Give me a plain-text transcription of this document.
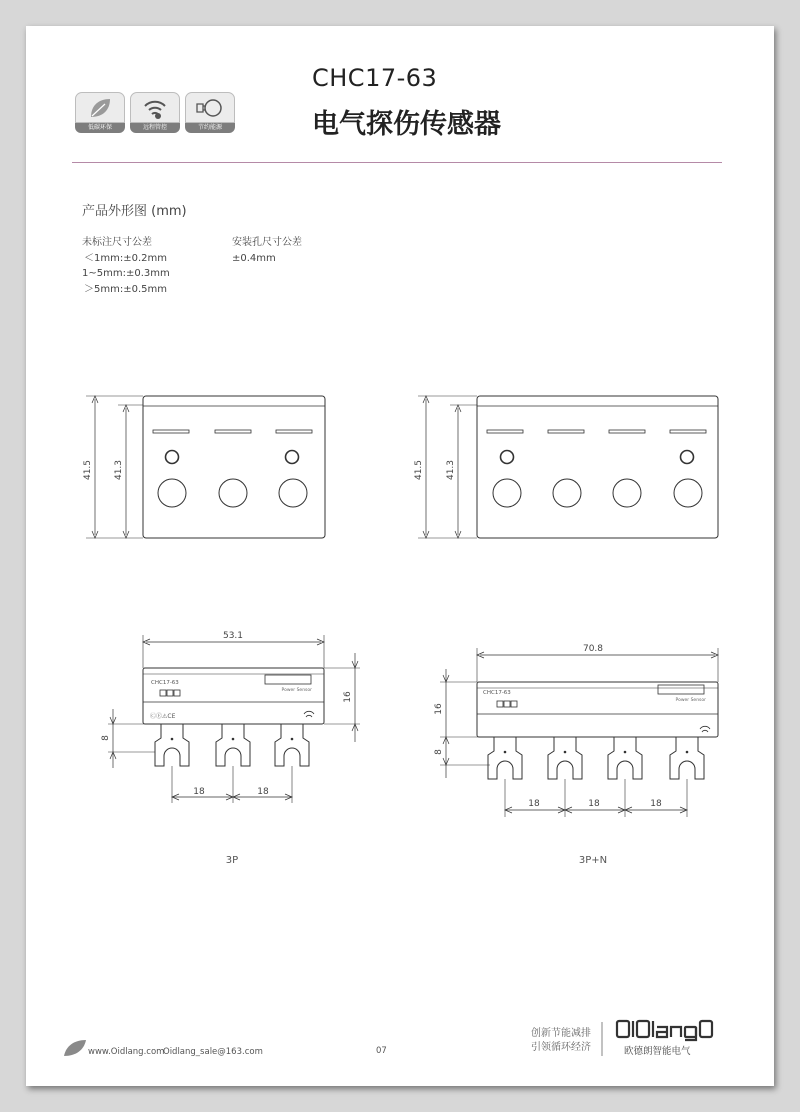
低碳环保	远程管控	节约能源
CHC17-63
电气探伤传感器
产品外形图 (mm)
未标注尺寸公差
＜1mm:±0.2mm
1~5mm:±0.3mm
＞5mm:±0.5mm
安装孔尺寸公差
±0.4mm
41.5 41.3	41.5 41.3
53.1
CHC17-63
Power Sensor
ⒸⒺ⚠CE
16
8
18	18
70.8
CHC17-63
Power Sensor
16
8
18	18	18
3P	3P+N
www.Oidlang.com
Oidlang_sale@163.com	07
创新节能减排
引领循环经济	欧德朗智能电气
